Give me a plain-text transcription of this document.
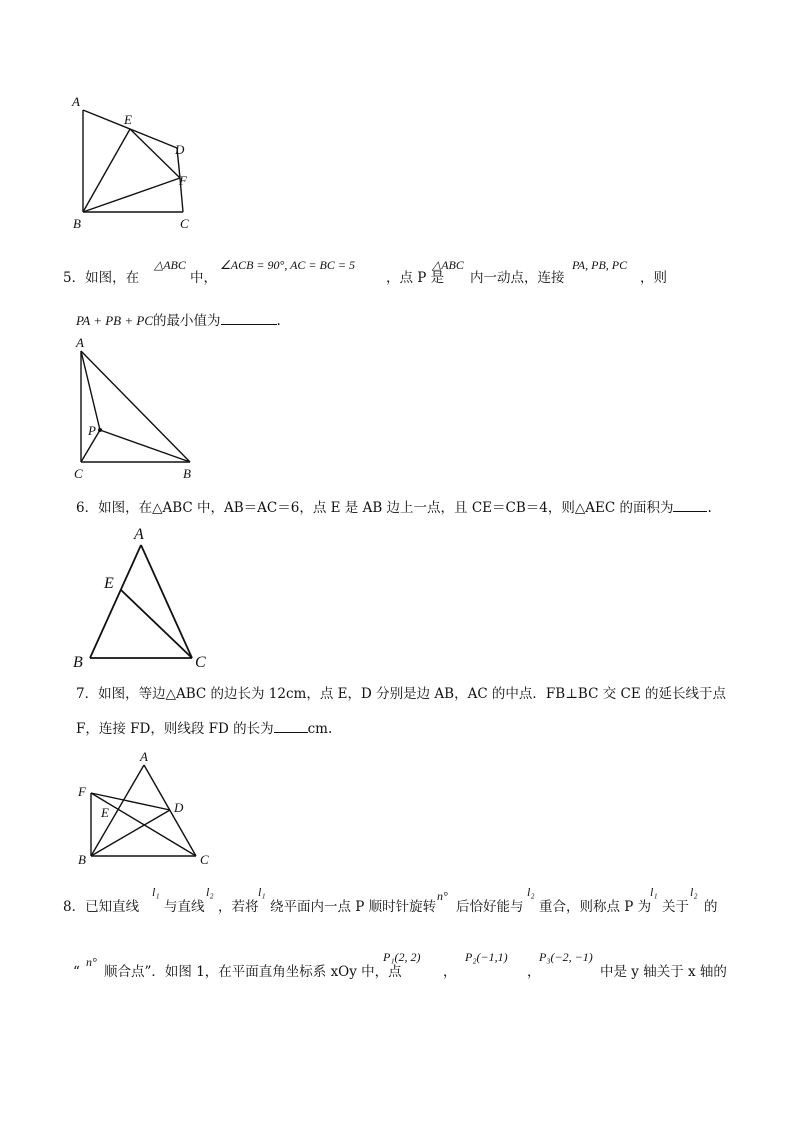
A
E
D
F
B	C
5．如图，在
△ABC
中，
∠ACB = 90°, AC = BC = 5
，点 P 是
△ABC
内一动点，连接
PA, PB, PC
，则
PA + PB + PC的最小值为	.
A
P
C	B
6．如图，在△ABC 中，AB＝AC＝6，点 E 是 AB 边上一点，且 CE＝CB＝4，则△AEC 的面积为	.
A
E
B	C
7．如图，等边△ABC 的边长为 12cm，点 E，D 分别是边 AB，AC 的中点．FB⊥BC 交 CE 的延长线于点
F，连接 FD，则线段 FD 的长为	cm.
A
F
D
E
B	C
8．已知直线
l₁
与直线
l₂
，若将
l₁
绕平面内一点 P 顺时针旋转
n°
后恰好能与
l₂
重合，则称点 P 为
l₁
关于
l₂
的
“
n°
顺合点”．如图 1，在平面直角坐标系 xOy 中，点
P₁(2, 2)
，
P₂(−1,1)
，
P₃(−2, −1)
中是 y 轴关于 x 轴的
